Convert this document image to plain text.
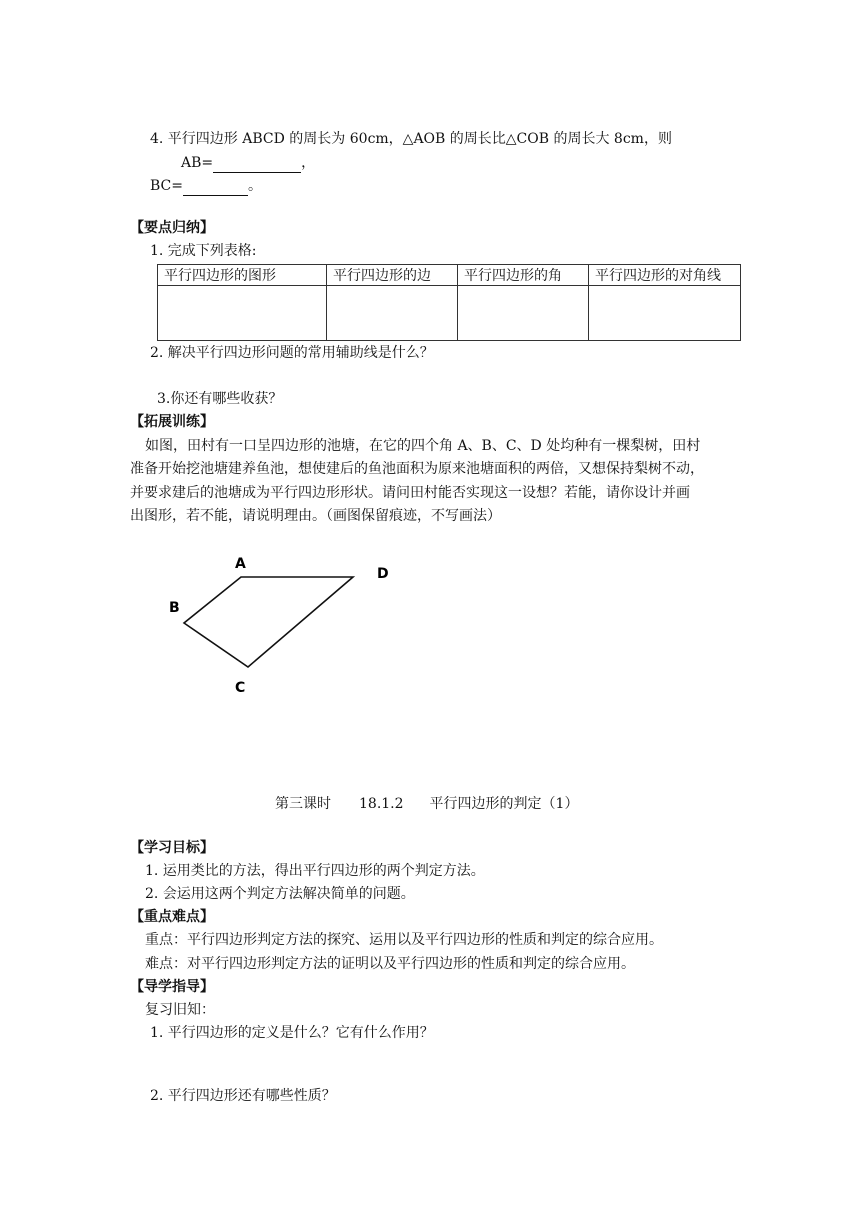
4. 平行四边形 ABCD 的周长为 60cm，△AOB 的周长比△COB 的周长大 8cm，则
AB=	，
BC=	。
【要点归纳】
1. 完成下列表格:
平行四边形的图形	平行四边形的边	平行四边形的角	平行四边形的对角线

2. 解决平行四边形问题的常用辅助线是什么？
3.你还有哪些收获？
【拓展训练】
如图，田村有一口呈四边形的池塘，在它的四个角 A、B、C、D 处均种有一棵梨树，田村
准备开始挖池塘建养鱼池，想使建后的鱼池面积为原来池塘面积的两倍，又想保持梨树不动，
并要求建后的池塘成为平行四边形形状。请问田村能否实现这一设想？若能，请你设计并画
出图形，若不能，请说明理由。（画图保留痕迹，不写画法）
A
D
B
C
第三课时 18.1.2 平行四边形的判定（1）
【学习目标】
1. 运用类比的方法，得出平行四边形的两个判定方法。
2. 会运用这两个判定方法解决简单的问题。
【重点难点】
重点：平行四边形判定方法的探究、运用以及平行四边形的性质和判定的综合应用。
难点：对平行四边形判定方法的证明以及平行四边形的性质和判定的综合应用。
【导学指导】
复习旧知：
1. 平行四边形的定义是什么？它有什么作用？
2. 平行四边形还有哪些性质？
